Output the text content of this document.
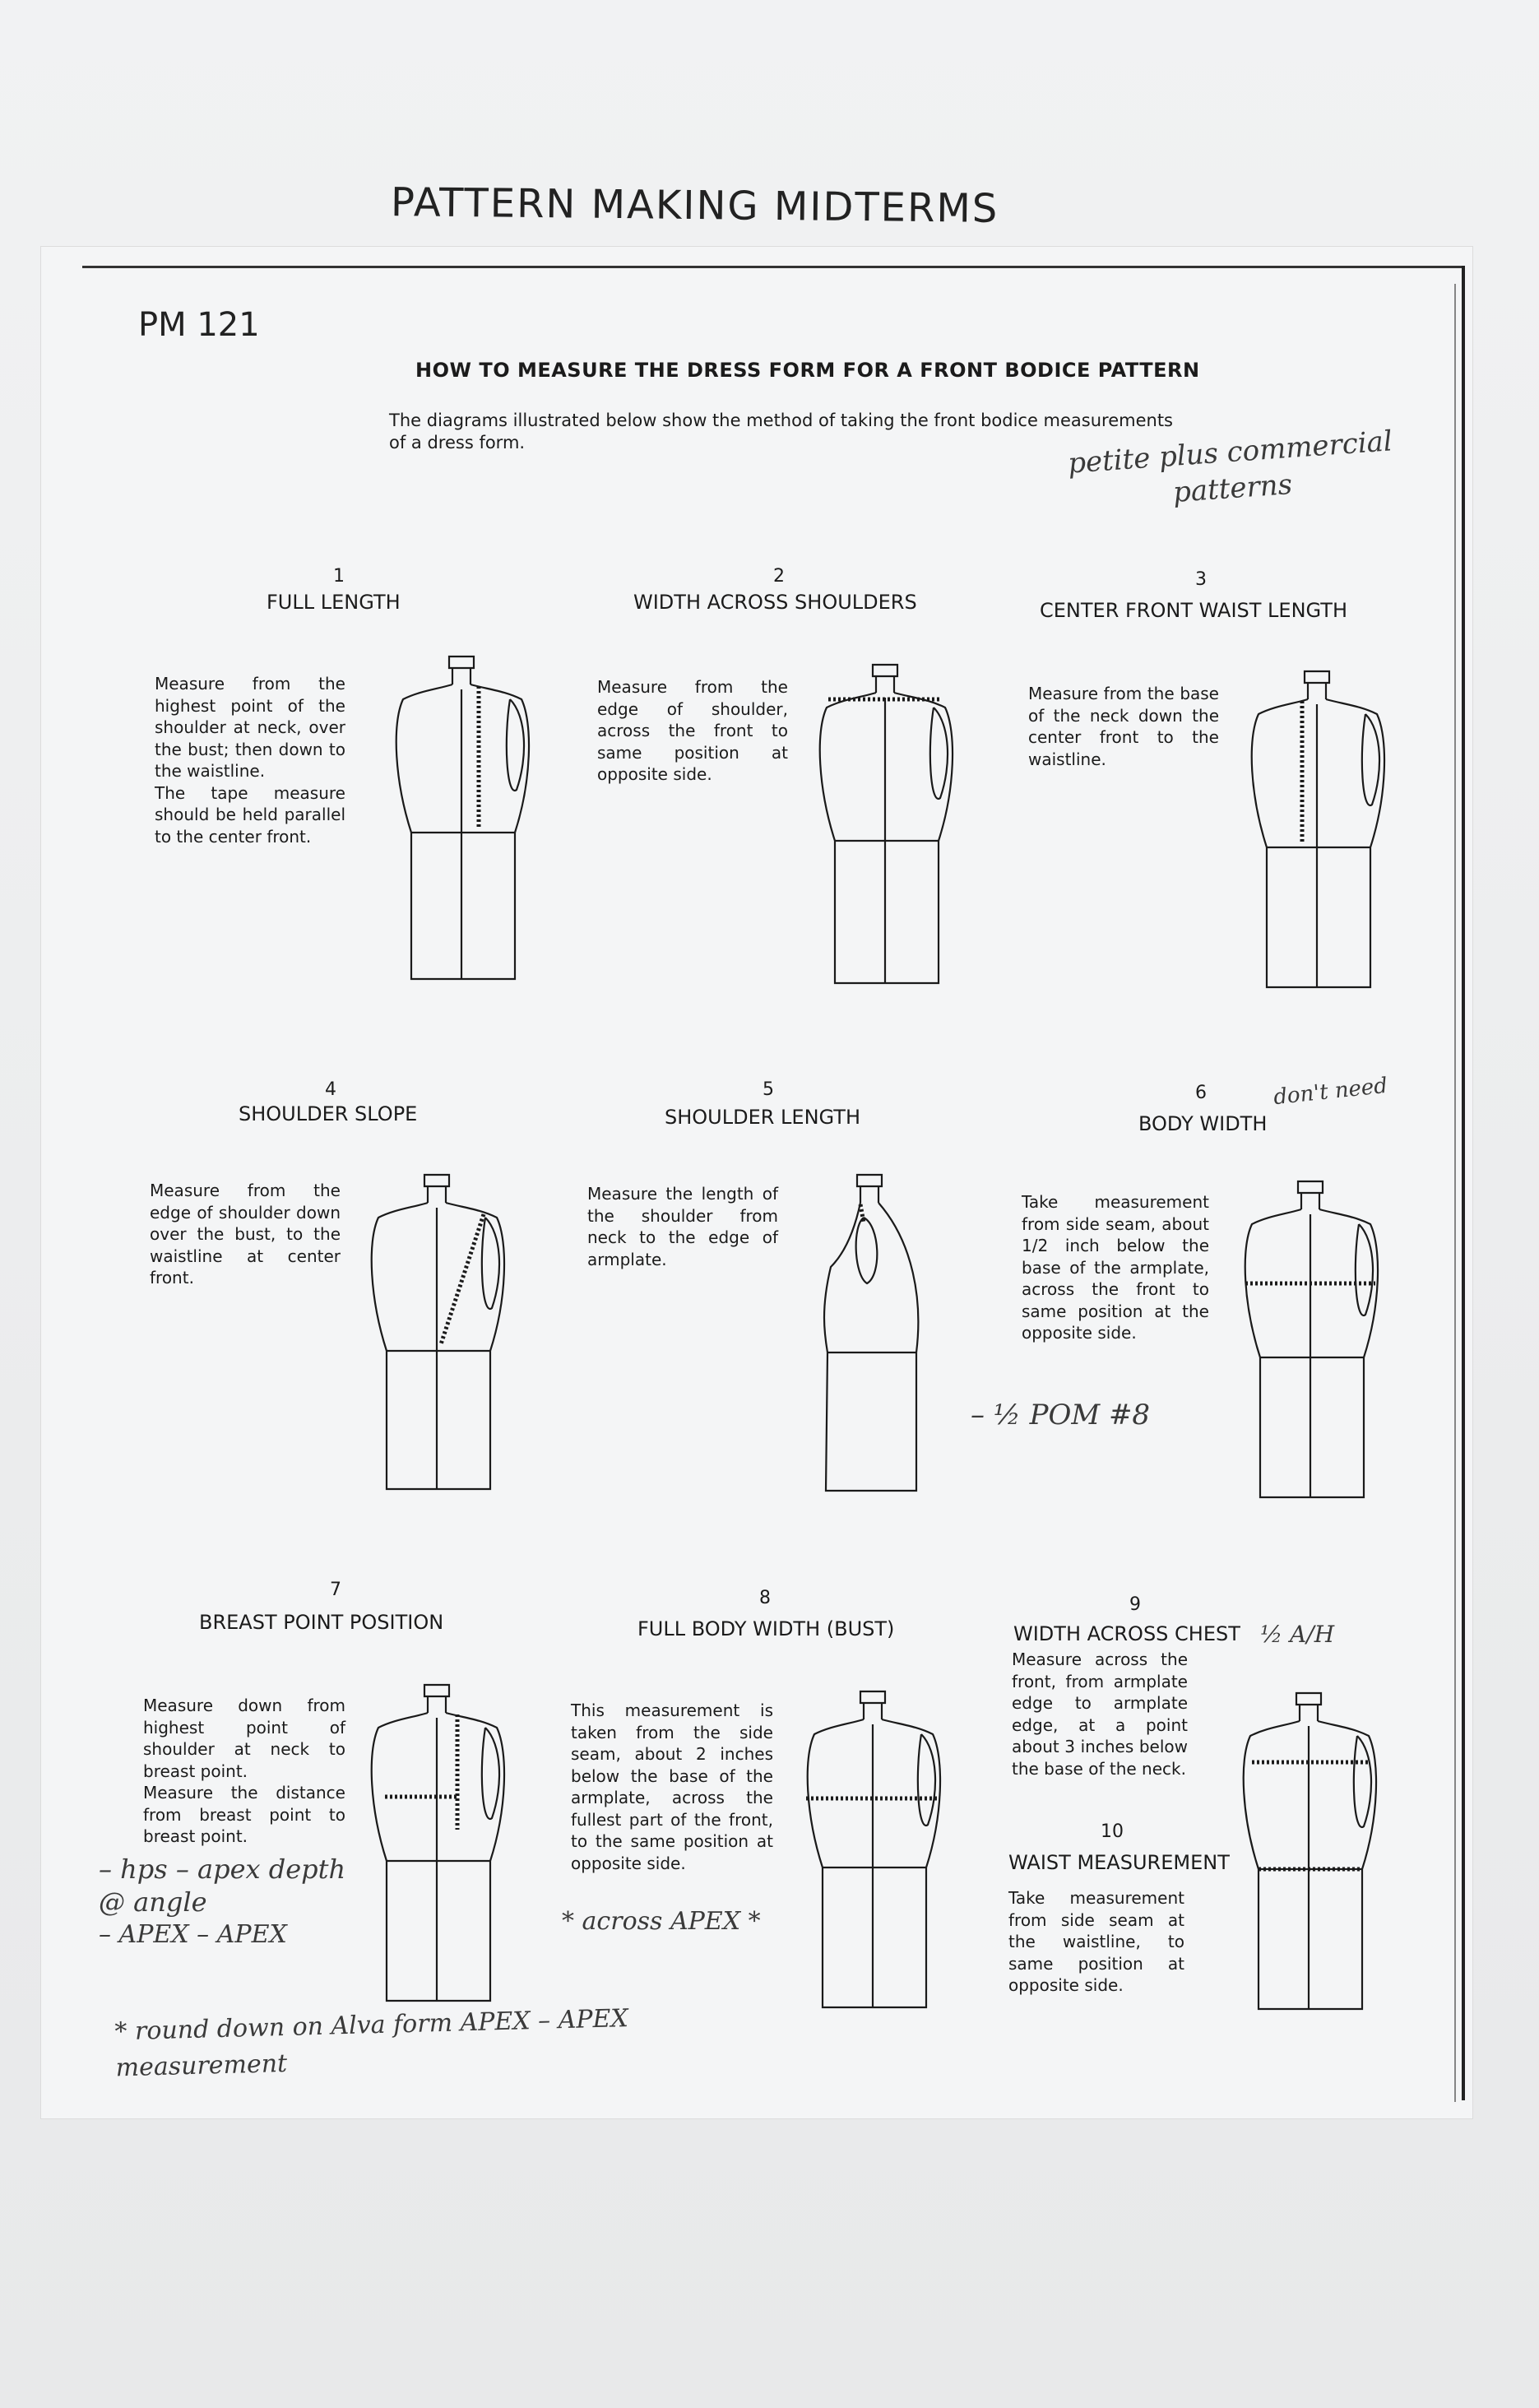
PATTERN MAKING MIDTERMS
PM 121
HOW TO MEASURE THE DRESS FORM FOR A FRONT BODICE PATTERN
The diagrams illustrated below show the method of taking the front bodice measurements of a dress form.	petite plus commercial patterns
don't need
– ½ POM #8
* across APEX *
½ A/H
– hps – apex depth @ angle
– APEX – APEX
* round down on Alva form APEX – APEX measurement
1
FULL LENGTH

Measure from the highest point of the shoulder at neck, over the bust; then down to the waistline.

The tape measure should be held parallel to the center front.

2
WIDTH ACROSS SHOULDERS

Measure from the edge of shoulder, across the front to same position at opposite side.

3
CENTER FRONT WAIST LENGTH

Measure from the base of the neck down the center front to the waistline.

4
SHOULDER SLOPE

Measure from the edge of shoulder down over the bust, to the waistline at center front.

5
SHOULDER LENGTH

Measure the length of the shoulder from neck to the edge of armplate.

6
BODY WIDTH

Take measurement from side seam, about 1/2 inch below the base of the armplate, across the front to same position at the opposite side.

7
BREAST POINT POSITION

Measure down from highest point of shoulder at neck to breast point.

Measure the distance from breast point to breast point.

8
FULL BODY WIDTH (BUST)

This measurement is taken from the side seam, about 2 inches below the base of the armplate, across the fullest part of the front, to the same position at opposite side.

9
WIDTH ACROSS CHEST

Measure across the front, from armplate edge to armplate edge, at a point about 3 inches below the base of the neck.

10
WAIST MEASUREMENT

Take measurement from side seam at the waistline, to same position at opposite side.
